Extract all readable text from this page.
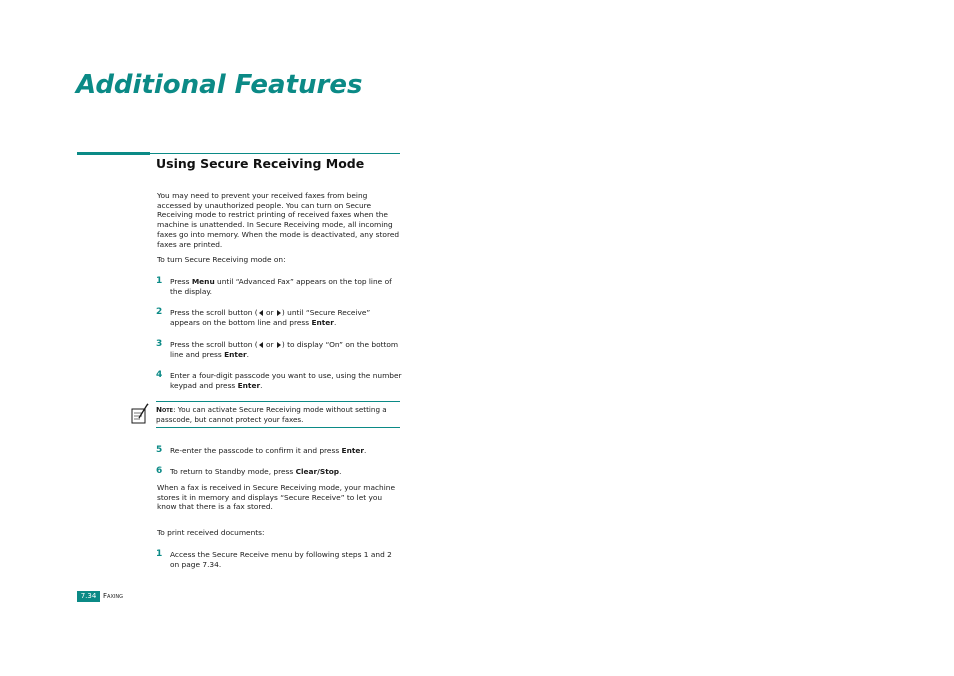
Additional Features
Using Secure Receiving Mode

You may need to prevent your received faxes from being accessed by unauthorized people. You can turn on Secure Receiving mode to restrict printing of received faxes when the machine is unattended. In Secure Receiving mode, all incoming faxes go into memory. When the mode is deactivated, any stored faxes are printed.

To turn Secure Receiving mode on:

1 Press Menu until “Advanced Fax” appears on the top line of the display.
2 Press the scroll button ( or ) until “Secure Receive” appears on the bottom line and press Enter.
3 Press the scroll button ( or ) to display “On” on the bottom line and press Enter.
4 Enter a four-digit passcode you want to use, using the number keypad and press Enter.
Note: You can activate Secure Receiving mode without setting a passcode, but cannot protect your faxes.
5 Re-enter the passcode to confirm it and press Enter.
6 To return to Standby mode, press Clear/Stop.

When a fax is received in Secure Receiving mode, your machine stores it in memory and displays “Secure Receive” to let you know that there is a fax stored.

To print received documents:

1 Access the Secure Receive menu by following steps 1 and 2 on page 7.34.
7.34 Faxing
